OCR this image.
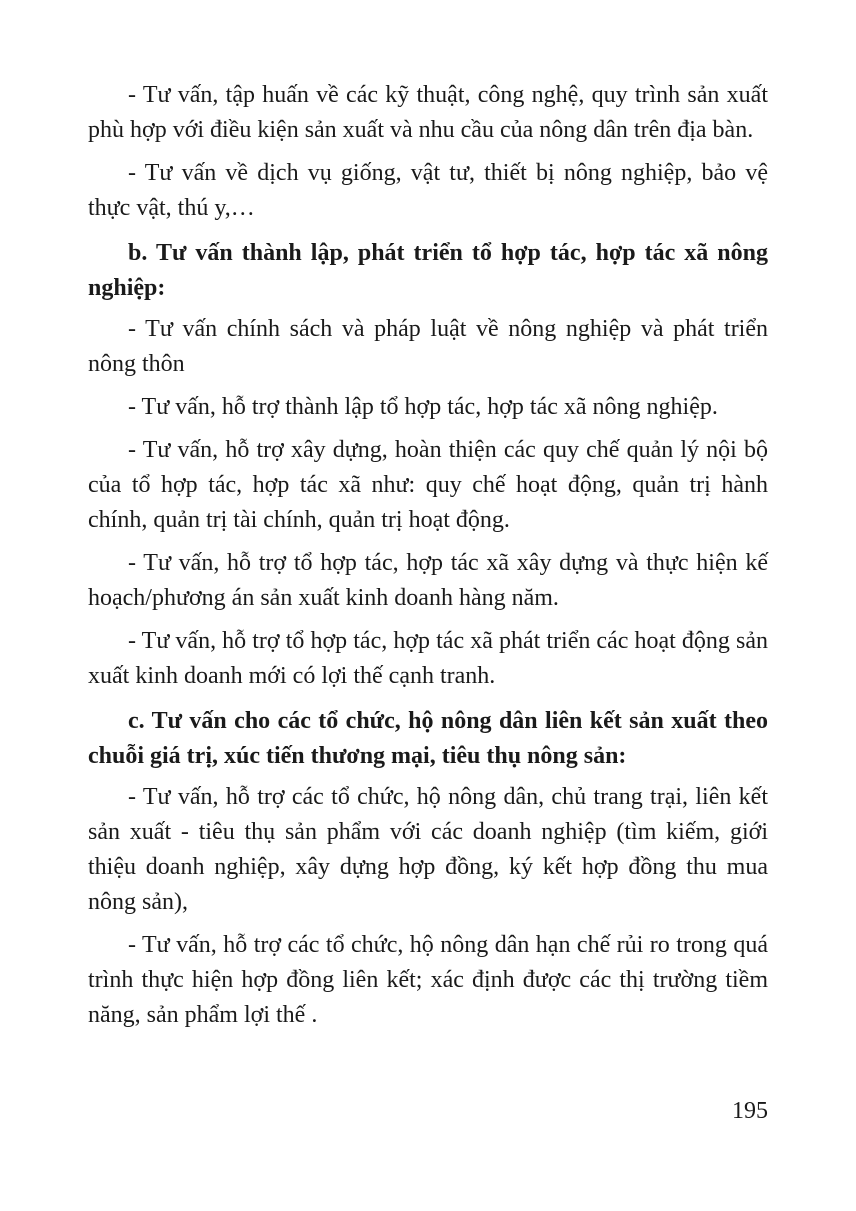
- Tư vấn, tập huấn về các kỹ thuật, công nghệ, quy trình sản xuất phù hợp với điều kiện sản xuất và nhu cầu của nông dân trên địa bàn.

- Tư vấn về dịch vụ giống, vật tư, thiết bị nông nghiệp, bảo vệ thực vật, thú y,…

b. Tư vấn thành lập, phát triển tổ hợp tác, hợp tác xã nông nghiệp:

- Tư vấn chính sách và pháp luật về nông nghiệp và phát triển nông thôn

- Tư vấn, hỗ trợ thành lập tổ hợp tác, hợp tác xã nông nghiệp.

- Tư vấn, hỗ trợ xây dựng, hoàn thiện các quy chế quản lý nội bộ của tổ hợp tác, hợp tác xã như: quy chế hoạt động, quản trị hành chính, quản trị tài chính, quản trị hoạt động.

- Tư vấn, hỗ trợ tổ hợp tác, hợp tác xã xây dựng và thực hiện kế hoạch/phương án sản xuất kinh doanh hàng năm.

- Tư vấn, hỗ trợ tổ hợp tác, hợp tác xã phát triển các hoạt động sản xuất kinh doanh mới có lợi thế cạnh tranh.

c. Tư vấn cho các tổ chức, hộ nông dân liên kết sản xuất theo chuỗi giá trị, xúc tiến thương mại, tiêu thụ nông sản:

- Tư vấn, hỗ trợ các tổ chức, hộ nông dân, chủ trang trại, liên kết sản xuất - tiêu thụ sản phẩm với các doanh nghiệp (tìm kiếm, giới thiệu doanh nghiệp, xây dựng hợp đồng, ký kết hợp đồng thu mua nông sản),

- Tư vấn, hỗ trợ các tổ chức, hộ nông dân hạn chế rủi ro trong quá trình thực hiện hợp đồng liên kết; xác định được các thị trường tiềm năng, sản phẩm lợi thế .

195
